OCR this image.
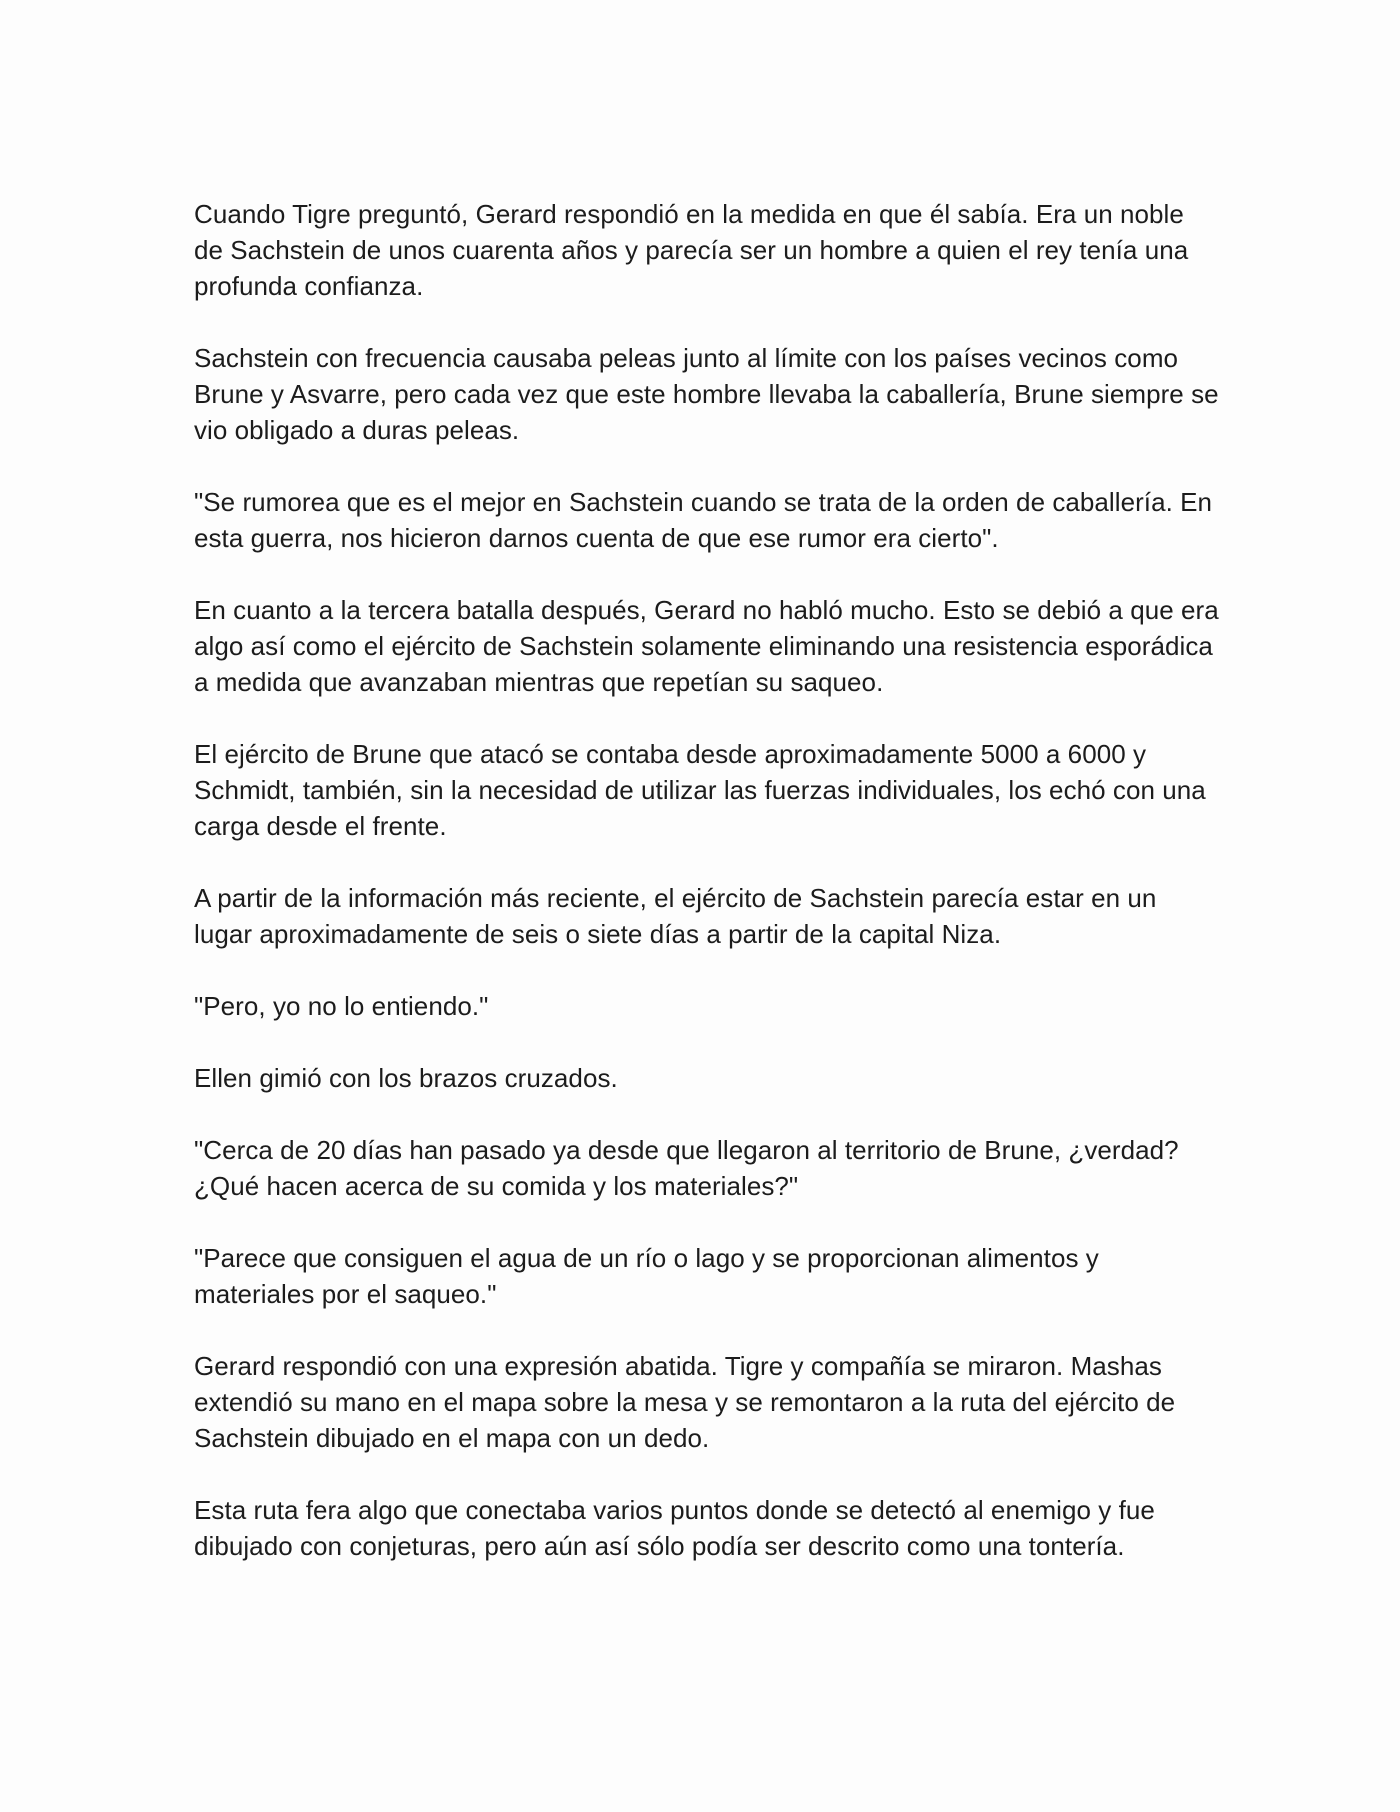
Cuando Tigre preguntó, Gerard respondió en la medida en que él sabía. Era un noble de Sachstein de unos cuarenta años y parecía ser un hombre a quien el rey tenía una profunda confianza.

Sachstein con frecuencia causaba peleas junto al límite con los países vecinos como Brune y Asvarre, pero cada vez que este hombre llevaba la caballería, Brune siempre se vio obligado a duras peleas.

"Se rumorea que es el mejor en Sachstein cuando se trata de la orden de caballería. En esta guerra, nos hicieron darnos cuenta de que ese rumor era cierto".

En cuanto a la tercera batalla después, Gerard no habló mucho. Esto se debió a que era algo así como el ejército de Sachstein solamente eliminando una resistencia esporádica a medida que avanzaban mientras que repetían su saqueo.

El ejército de Brune que atacó se contaba desde aproximadamente 5000 a 6000 y Schmidt, también, sin la necesidad de utilizar las fuerzas individuales, los echó con una carga desde el frente.

A partir de la información más reciente, el ejército de Sachstein parecía estar en un lugar aproximadamente de seis o siete días a partir de la capital Niza.

"Pero, yo no lo entiendo."

Ellen gimió con los brazos cruzados.

"Cerca de 20 días han pasado ya desde que llegaron al territorio de Brune, ¿verdad? ¿Qué hacen acerca de su comida y los materiales?"

"Parece que consiguen el agua de un río o lago y se proporcionan alimentos y materiales por el saqueo."

Gerard respondió con una expresión abatida. Tigre y compañía se miraron. Mashas extendió su mano en el mapa sobre la mesa y se remontaron a la ruta del ejército de Sachstein dibujado en el mapa con un dedo.

Esta ruta fera algo que conectaba varios puntos donde se detectó al enemigo y fue dibujado con conjeturas, pero aún así sólo podía ser descrito como una tontería.
